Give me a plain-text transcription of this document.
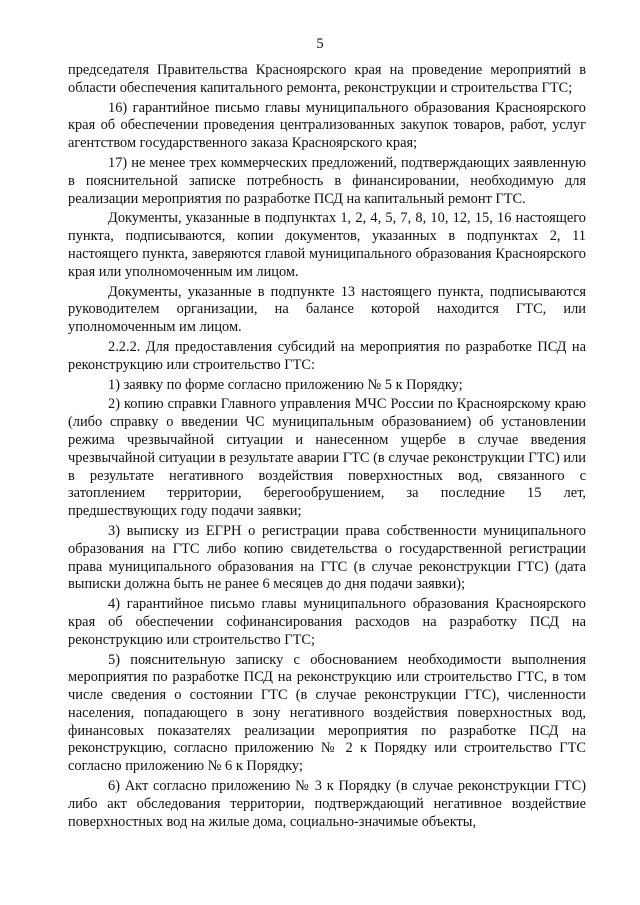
5

председателя Правительства Красноярского края на проведение мероприятий в области обеспечения капитального ремонта, реконструкции и строительства ГТС;

16) гарантийное письмо главы муниципального образования Красноярского края об обеспечении проведения централизованных закупок товаров, работ, услуг агентством государственного заказа Красноярского края;

17) не менее трех коммерческих предложений, подтверждающих заявленную в пояснительной записке потребность в финансировании, необходимую для реализации мероприятия по разработке ПСД на капитальный ремонт ГТС.

Документы, указанные в подпунктах 1, 2, 4, 5, 7, 8, 10, 12, 15, 16 настоящего пункта, подписываются, копии документов, указанных в подпунктах 2, 11 настоящего пункта, заверяются главой муниципального образования Красноярского края или уполномоченным им лицом.

Документы, указанные в подпункте 13 настоящего пункта, подписываются руководителем организации, на балансе которой находится ГТС, или уполномоченным им лицом.

2.2.2. Для предоставления субсидий на мероприятия по разработке ПСД на реконструкцию или строительство ГТС:

1) заявку по форме согласно приложению № 5 к Порядку;

2) копию справки Главного управления МЧС России по Красноярскому краю (либо справку о введении ЧС муниципальным образованием) об установлении режима чрезвычайной ситуации и нанесенном ущербе в случае введения чрезвычайной ситуации в результате аварии ГТС (в случае реконструкции ГТС) или в результате негативного воздействия поверхностных вод, связанного с затоплением территории, берегообрушением, за последние 15 лет, предшествующих году подачи заявки;

3) выписку из ЕГРН о регистрации права собственности муниципального образования на ГТС либо копию свидетельства о государственной регистрации права муниципального образования на ГТС (в случае реконструкции ГТС) (дата выписки должна быть не ранее 6 месяцев до дня подачи заявки);

4) гарантийное письмо главы муниципального образования Красноярского края об обеспечении софинансирования расходов на разработку ПСД на реконструкцию или строительство ГТС;

5) пояснительную записку с обоснованием необходимости выполнения мероприятия по разработке ПСД на реконструкцию или строительство ГТС, в том числе сведения о состоянии ГТС (в случае реконструкции ГТС), численности населения, попадающего в зону негативного воздействия поверхностных вод, финансовых показателях реализации мероприятия по разработке ПСД на реконструкцию, согласно приложению № 2 к Порядку или строительство ГТС согласно приложению № 6 к Порядку;

6) Акт согласно приложению № 3 к Порядку (в случае реконструкции ГТС) либо акт обследования территории, подтверждающий негативное воздействие поверхностных вод на жилые дома, социально-значимые объекты,
